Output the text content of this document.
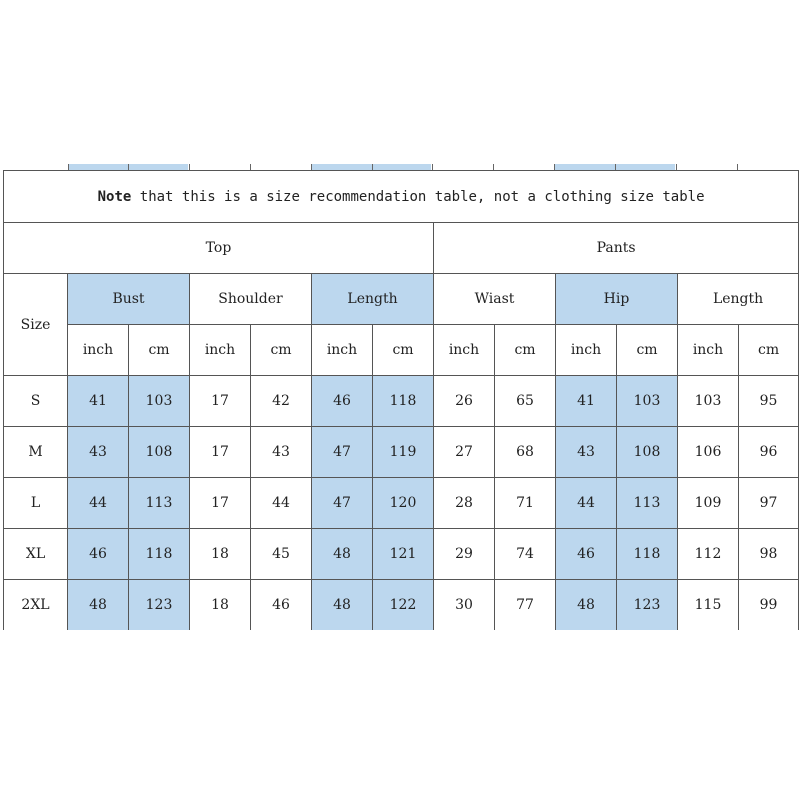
Note that this is a size recommendation table, not a clothing size table												
Top							Pants					
Size	Bust		Shoulder		Length		Wiast		Hip		Length	
	inch	cm	inch	cm	inch	cm	inch	cm	inch	cm	inch	cm
S	41	103	17	42	46	118	26	65	41	103	103	95
M	43	108	17	43	47	119	27	68	43	108	106	96
L	44	113	17	44	47	120	28	71	44	113	109	97
XL	46	118	18	45	48	121	29	74	46	118	112	98
2XL	48	123	18	46	48	122	30	77	48	123	115	99
